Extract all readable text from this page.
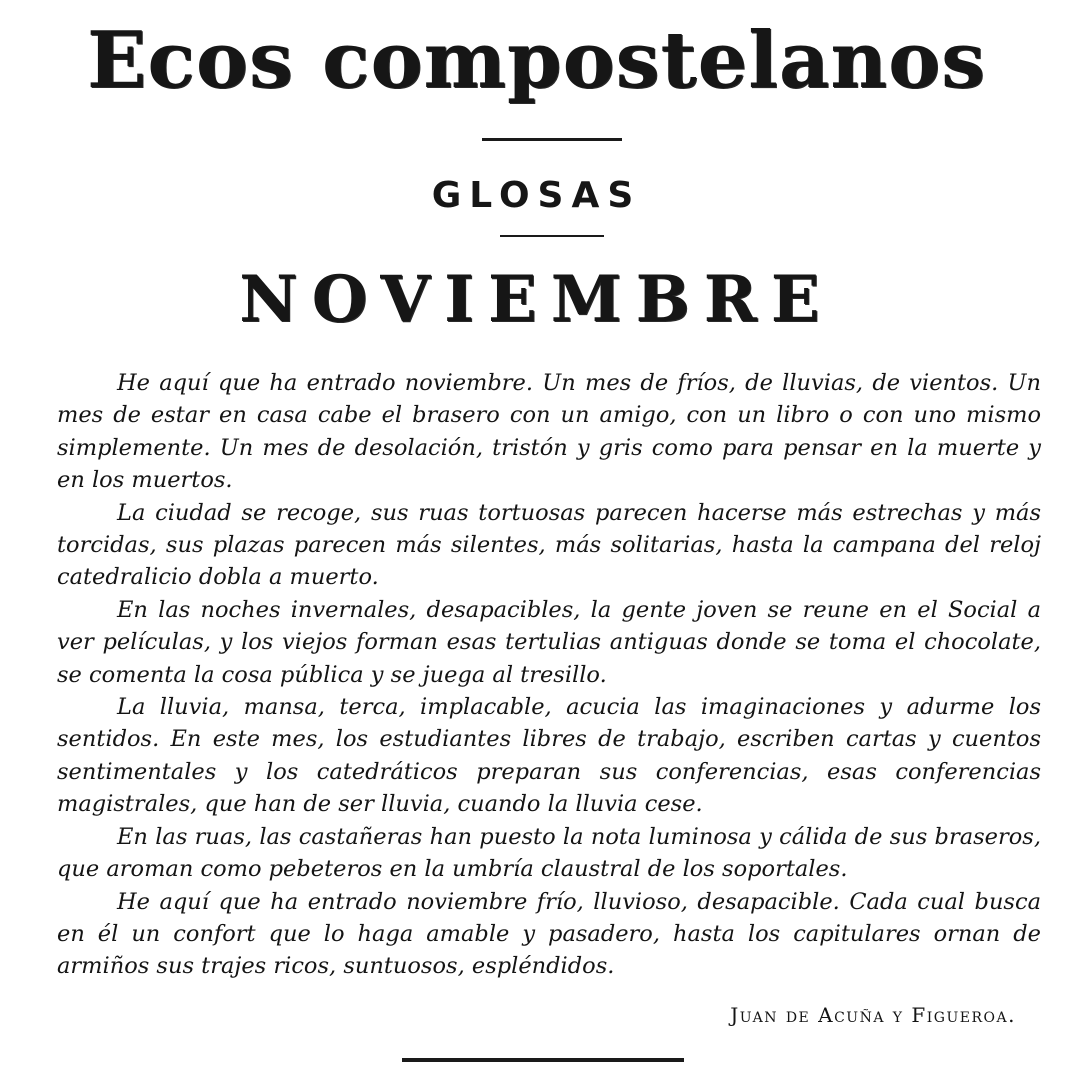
Ecos compostelanos
GLOSAS
NOVIEMBRE

He aquí que ha entrado noviembre. Un mes de fríos, de lluvias, de vientos. Un mes de estar en casa cabe el brasero con un amigo, con un libro o con uno mismo simplemente. Un mes de desolación, tristón y gris como para pensar en la muerte y en los muertos.

La ciudad se recoge, sus ruas tortuosas parecen hacerse más estrechas y más torcidas, sus plazas parecen más silentes, más solitarias, hasta la campana del reloj catedralicio dobla a muerto.

En las noches invernales, desapacibles, la gente joven se reune en el Social a ver películas, y los viejos forman esas tertulias antiguas donde se toma el chocolate, se comenta la cosa pública y se juega al tresillo.

La lluvia, mansa, terca, implacable, acucia las imaginaciones y adurme los sentidos. En este mes, los estudiantes libres de trabajo, escriben cartas y cuentos sentimentales y los catedráticos preparan sus conferencias, esas conferencias magistrales, que han de ser lluvia, cuando la lluvia cese.

En las ruas, las castañeras han puesto la nota luminosa y cálida de sus braseros, que aroman como pebeteros en la umbría claustral de los soportales.

He aquí que ha entrado noviembre frío, lluvioso, desapacible. Cada cual busca en él un confort que lo haga amable y pasadero, hasta los capitulares ornan de armiños sus trajes ricos, suntuosos, espléndidos.

Juan de Acuña y Figueroa.
